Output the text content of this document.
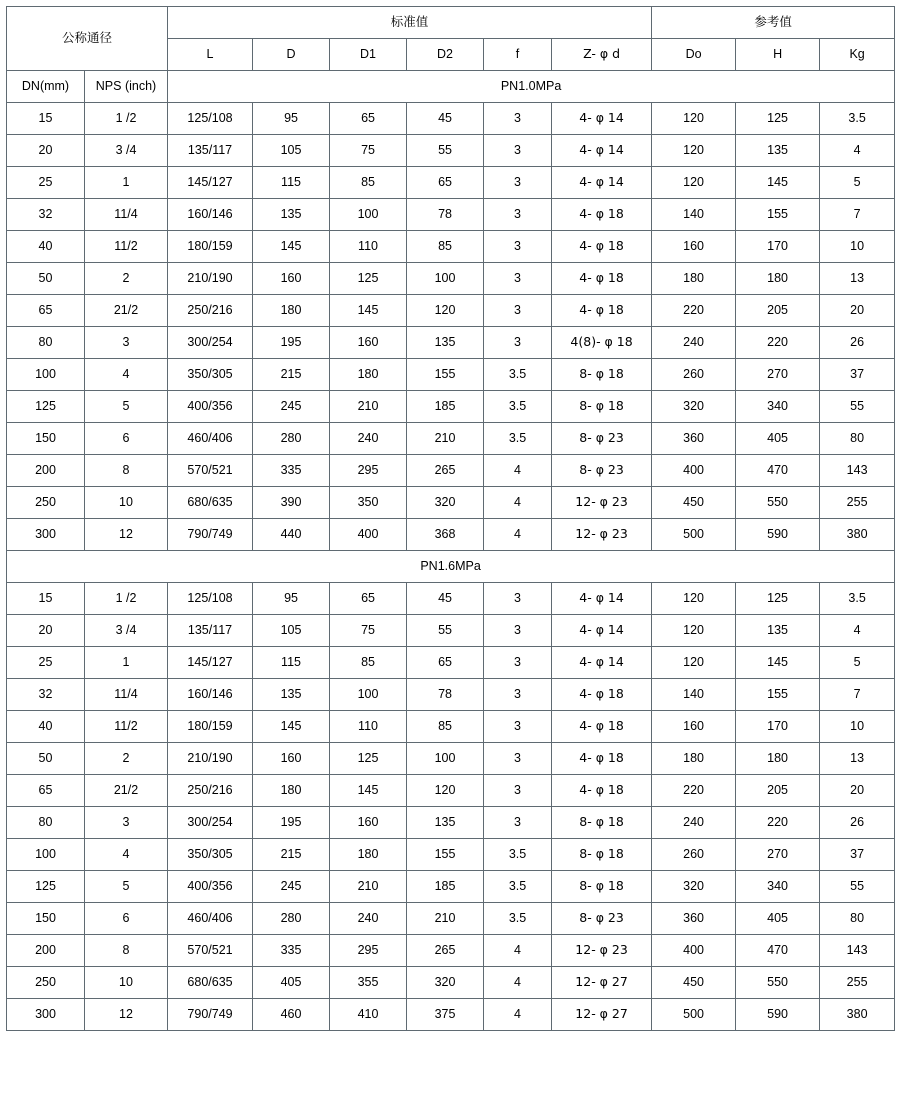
公称通径		标准值						参考值		
		L	D	D1	D2	f	Z- φ d	Do	H	Kg
DN(mm)	NPS (inch)	PN1.0MPa								
15	1 /2	125/108	95	65	45	3	4- φ 14	120	125	3.5
20	3 /4	135/117	105	75	55	3	4- φ 14	120	135	4
25	1	145/127	115	85	65	3	4- φ 14	120	145	5
32	11/4	160/146	135	100	78	3	4- φ 18	140	155	7
40	11/2	180/159	145	110	85	3	4- φ 18	160	170	10
50	2	210/190	160	125	100	3	4- φ 18	180	180	13
65	21/2	250/216	180	145	120	3	4- φ 18	220	205	20
80	3	300/254	195	160	135	3	4(8)- φ 18	240	220	26
100	4	350/305	215	180	155	3.5	8- φ 18	260	270	37
125	5	400/356	245	210	185	3.5	8- φ 18	320	340	55
150	6	460/406	280	240	210	3.5	8- φ 23	360	405	80
200	8	570/521	335	295	265	4	8- φ 23	400	470	143
250	10	680/635	390	350	320	4	12- φ 23	450	550	255
300	12	790/749	440	400	368	4	12- φ 23	500	590	380
PN1.6MPa										
15	1 /2	125/108	95	65	45	3	4- φ 14	120	125	3.5
20	3 /4	135/117	105	75	55	3	4- φ 14	120	135	4
25	1	145/127	115	85	65	3	4- φ 14	120	145	5
32	11/4	160/146	135	100	78	3	4- φ 18	140	155	7
40	11/2	180/159	145	110	85	3	4- φ 18	160	170	10
50	2	210/190	160	125	100	3	4- φ 18	180	180	13
65	21/2	250/216	180	145	120	3	4- φ 18	220	205	20
80	3	300/254	195	160	135	3	8- φ 18	240	220	26
100	4	350/305	215	180	155	3.5	8- φ 18	260	270	37
125	5	400/356	245	210	185	3.5	8- φ 18	320	340	55
150	6	460/406	280	240	210	3.5	8- φ 23	360	405	80
200	8	570/521	335	295	265	4	12- φ 23	400	470	143
250	10	680/635	405	355	320	4	12- φ 27	450	550	255
300	12	790/749	460	410	375	4	12- φ 27	500	590	380
